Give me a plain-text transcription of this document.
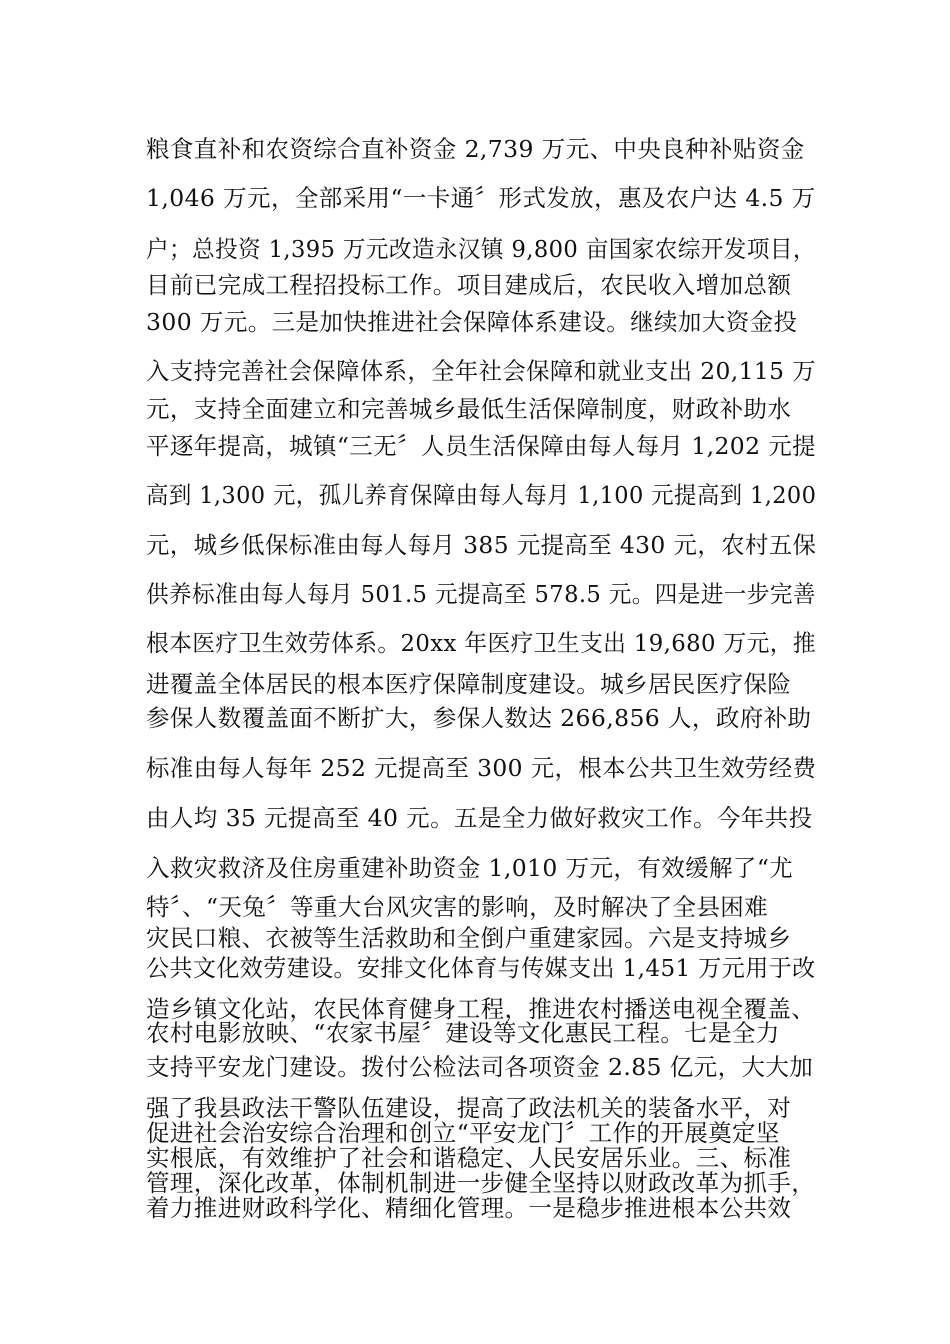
粮食直补和农资综合直补资金 2,739 万元、中央良种补贴资金
1,046 万元，全部采用“一卡通〞形式发放，惠及农户达 4.5 万
户；总投资 1,395 万元改造永汉镇 9,800 亩国家农综开发项目，
目前已完成工程招投标工作。项目建成后，农民收入增加总额
300 万元。三是加快推进社会保障体系建设。继续加大资金投
入支持完善社会保障体系，全年社会保障和就业支出 20,115 万
元，支持全面建立和完善城乡最低生活保障制度，财政补助水
平逐年提高，城镇“三无〞人员生活保障由每人每月 1,202 元提
高到 1,300 元，孤儿养育保障由每人每月 1,100 元提高到 1,200
元，城乡低保标准由每人每月 385 元提高至 430 元，农村五保
供养标准由每人每月 501.5 元提高至 578.5 元。四是进一步完善
根本医疗卫生效劳体系。20xx 年医疗卫生支出 19,680 万元，推
进覆盖全体居民的根本医疗保障制度建设。城乡居民医疗保险
参保人数覆盖面不断扩大，参保人数达 266,856 人，政府补助
标准由每人每年 252 元提高至 300 元，根本公共卫生效劳经费
由人均 35 元提高至 40 元。五是全力做好救灾工作。今年共投
入救灾救济及住房重建补助资金 1,010 万元，有效缓解了“尤
特〞、“天兔〞等重大台风灾害的影响，及时解决了全县困难
灾民口粮、衣被等生活救助和全倒户重建家园。六是支持城乡
公共文化效劳建设。安排文化体育与传媒支出 1,451 万元用于改
造乡镇文化站，农民体育健身工程，推进农村播送电视全覆盖、
农村电影放映、“农家书屋〞建设等文化惠民工程。七是全力
支持平安龙门建设。拨付公检法司各项资金 2.85 亿元，大大加
强了我县政法干警队伍建设，提高了政法机关的装备水平，对
促进社会治安综合治理和创立“平安龙门〞工作的开展奠定坚
实根底，有效维护了社会和谐稳定、人民安居乐业。三、标准
管理，深化改革，体制机制进一步健全坚持以财政改革为抓手，
着力推进财政科学化、精细化管理。一是稳步推进根本公共效
